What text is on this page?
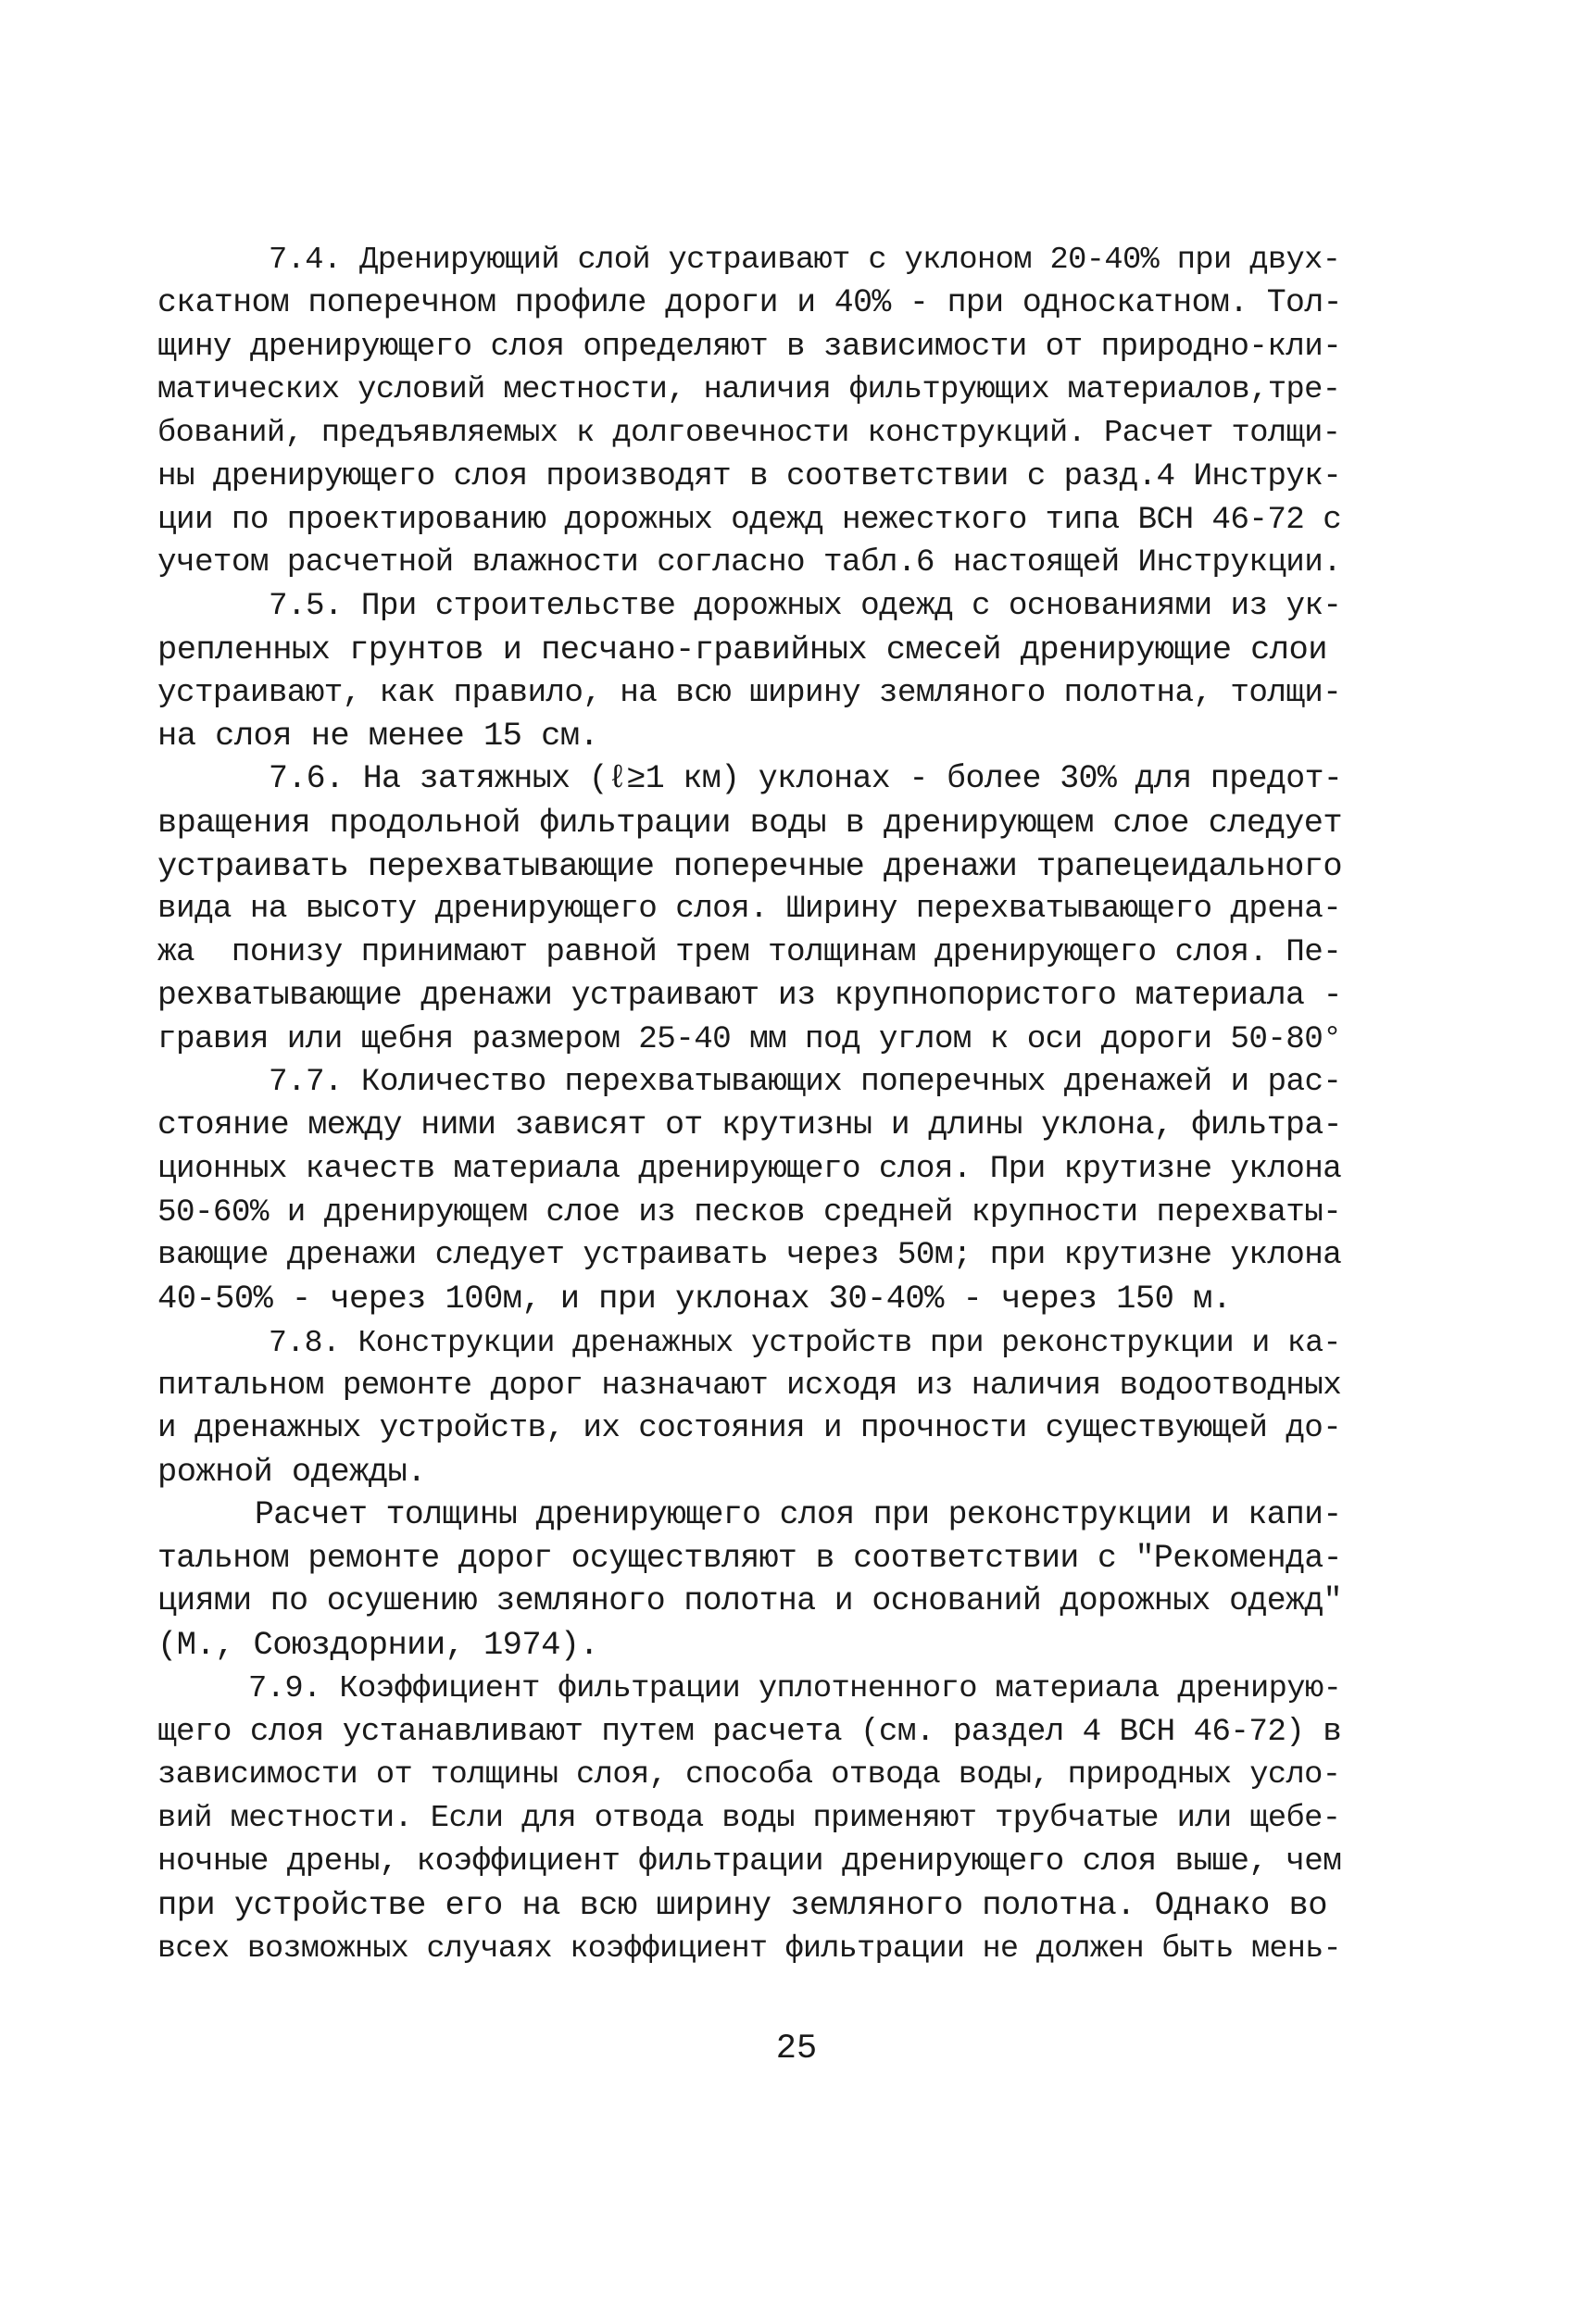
7.4. Дренирующий слой устраивают с уклоном 20-40% при двух-
скатном поперечном профиле дороги и 40% - при односкатном. Тол-
щину дренирующего слоя определяют в зависимости от природно-кли-
матических условий местности, наличия фильтрующих материалов,тре-
бований, предъявляемых к долговечности конструкций. Расчет толщи-
ны дренирующего слоя производят в соответствии с разд.4 Инструк-
ции по проектированию дорожных одежд нежесткого типа ВСН 46-72 с
учетом расчетной влажности согласно табл.6 настоящей Инструкции.
7.5. При строительстве дорожных одежд с основаниями из ук-
репленных грунтов и песчано-гравийных смесей дренирующие слои
устраивают, как правило, на всю ширину земляного полотна, толщи-
на слоя не менее 15 см.
7.6. На затяжных (ℓ≥1 км) уклонах - более 30% для предот-
вращения продольной фильтрации воды в дренирующем слое следует
устраивать перехватывающие поперечные дренажи трапецеидального
вида на высоту дренирующего слоя. Ширину перехватывающего дрена-
жа  понизу принимают равной трем толщинам дренирующего слоя. Пе-
рехватывающие дренажи устраивают из крупнопористого материала -
гравия или щебня размером 25-40 мм под углом к оси дороги 50-80°
7.7. Количество перехватывающих поперечных дренажей и рас-
стояние между ними зависят от крутизны и длины уклона, фильтра-
ционных качеств материала дренирующего слоя. При крутизне уклона
50-60% и дренирующем слое из песков средней крупности перехваты-
вающие дренажи следует устраивать через 50м; при крутизне уклона
40-50% - через 100м, и при уклонах 30-40% - через 150 м.
7.8. Конструкции дренажных устройств при реконструкции и ка-
питальном ремонте дорог назначают исходя из наличия водоотводных
и дренажных устройств, их состояния и прочности существующей до-
рожной одежды.
Расчет толщины дренирующего слоя при реконструкции и капи-
тальном ремонте дорог осуществляют в соответствии с "Рекоменда-
циями по осушению земляного полотна и оснований дорожных одежд"
(М., Союздорнии, 1974).
7.9. Коэффициент фильтрации уплотненного материала дренирую-
щего слоя устанавливают путем расчета (см. раздел 4 ВСН 46-72) в
зависимости от толщины слоя, способа отвода воды, природных усло-
вий местности. Если для отвода воды применяют трубчатые или щебе-
ночные дрены, коэффициент фильтрации дренирующего слоя выше, чем
при устройстве его на всю ширину земляного полотна. Однако во
всех возможных случаях коэффициент фильтрации не должен быть мень-
25
